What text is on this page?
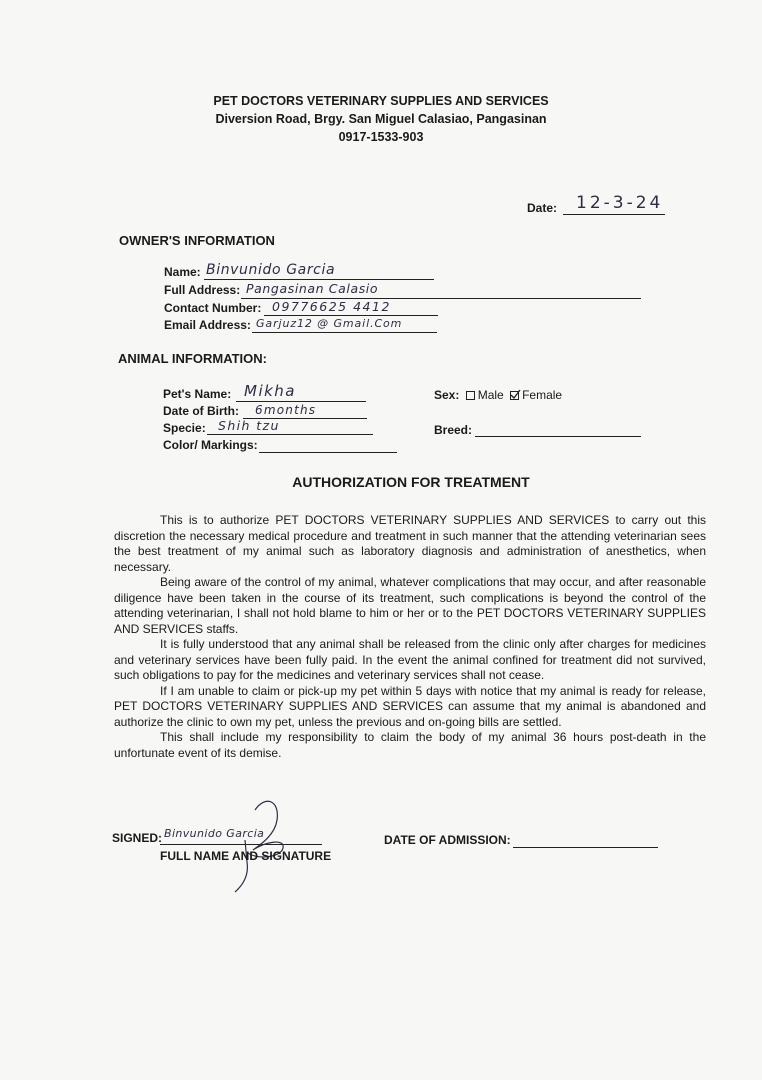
PET DOCTORS VETERINARY SUPPLIES AND SERVICES
Diversion Road, Brgy. San Miguel Calasiao, Pangasinan
0917-1533-903
Date: 12-3-24
OWNER'S INFORMATION
Name: Binvunido Garcia
Full Address: Pangasinan Calasio
Contact Number: 09776625 4412
Email Address: Garjuz12 @ Gmail.Com
ANIMAL INFORMATION:
Pet's Name: Mikha
Date of Birth: 6months
Specie: Shih tzu
Color/ Markings:
Sex: Male Female
Breed:
AUTHORIZATION FOR TREATMENT

This is to authorize PET DOCTORS VETERINARY SUPPLIES AND SERVICES to carry out this discretion the necessary medical procedure and treatment in such manner that the attending veterinarian sees the best treatment of my animal such as laboratory diagnosis and administration of anesthetics, when necessary.

Being aware of the control of my animal, whatever complications that may occur, and after reasonable diligence have been taken in the course of its treatment, such complications is beyond the control of the attending veterinarian, I shall not hold blame to him or her or to the PET DOCTORS VETERINARY SUPPLIES AND SERVICES staffs.

It is fully understood that any animal shall be released from the clinic only after charges for medicines and veterinary services have been fully paid. In the event the animal confined for treatment did not survived, such obligations to pay for the medicines and veterinary services shall not cease.

If I am unable to claim or pick-up my pet within 5 days with notice that my animal is ready for release, PET DOCTORS VETERINARY SUPPLIES AND SERVICES can assume that my animal is abandoned and authorize the clinic to own my pet, unless the previous and on-going bills are settled.

This shall include my responsibility to claim the body of my animal 36 hours post-death in the unfortunate event of its demise.

SIGNED: Binvunido Garcia
FULL NAME AND SIGNATURE
DATE OF ADMISSION:
